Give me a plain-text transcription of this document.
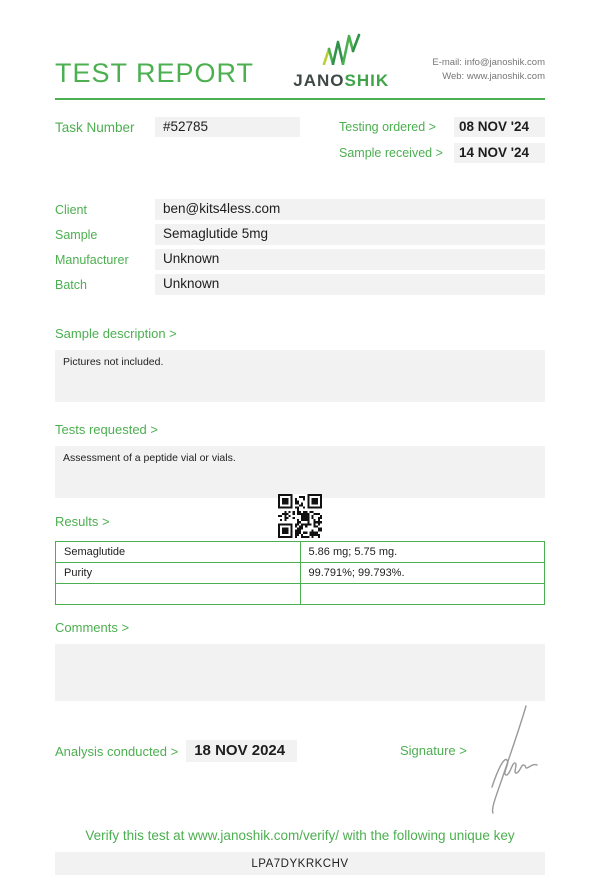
TEST REPORT JANOSHIK
E-mail: info@janoshik.com
Web: www.janoshik.com
Task Number	#52785	Testing ordered >	08 NOV '24
Sample received >	14 NOV '24
Client	ben@kits4less.com
Sample	Semaglutide 5mg
Manufacturer	Unknown
Batch	Unknown
Sample description >
Pictures not included.
Tests requested >
Assessment of a peptide vial or vials.
Results >
Semaglutide	5.86 mg; 5.75 mg.
Purity	99.791%; 99.793%.

Comments >
Analysis conducted >	18 NOV 2024	Signature >
Verify this test at www.janoshik.com/verify/ with the following unique key
LPA7DYKRKCHV
